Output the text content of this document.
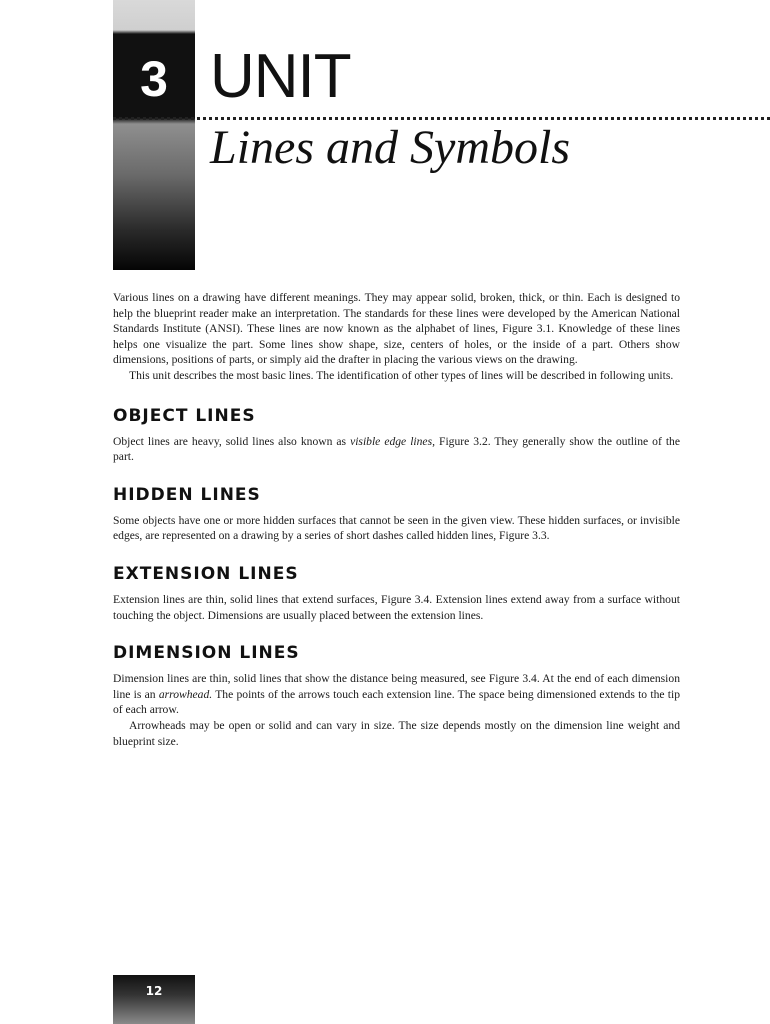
3 UNIT
Lines and Symbols

Various lines on a drawing have different meanings. They may appear solid, broken, thick, or thin. Each is designed to help the blueprint reader make an interpretation. The standards for these lines were developed by the American National Standards Institute (ANSI). These lines are now known as the alphabet of lines, Figure 3.1. Knowledge of these lines helps one visualize the part. Some lines show shape, size, centers of holes, or the inside of a part. Others show dimensions, positions of parts, or simply aid the drafter in placing the various views on the drawing.

This unit describes the most basic lines. The identification of other types of lines will be described in following units.

OBJECT LINES

Object lines are heavy, solid lines also known as visible edge lines, Figure 3.2. They generally show the outline of the part.

HIDDEN LINES

Some objects have one or more hidden surfaces that cannot be seen in the given view. These hidden surfaces, or invisible edges, are represented on a drawing by a series of short dashes called hidden lines, Figure 3.3.

EXTENSION LINES

Extension lines are thin, solid lines that extend surfaces, Figure 3.4. Extension lines extend away from a surface without touching the object. Dimensions are usually placed between the extension lines.

DIMENSION LINES

Dimension lines are thin, solid lines that show the distance being measured, see Figure 3.4. At the end of each dimension line is an arrowhead. The points of the arrows touch each extension line. The space being dimensioned extends to the tip of each arrow.

Arrowheads may be open or solid and can vary in size. The size depends mostly on the dimension line weight and blueprint size.

12
